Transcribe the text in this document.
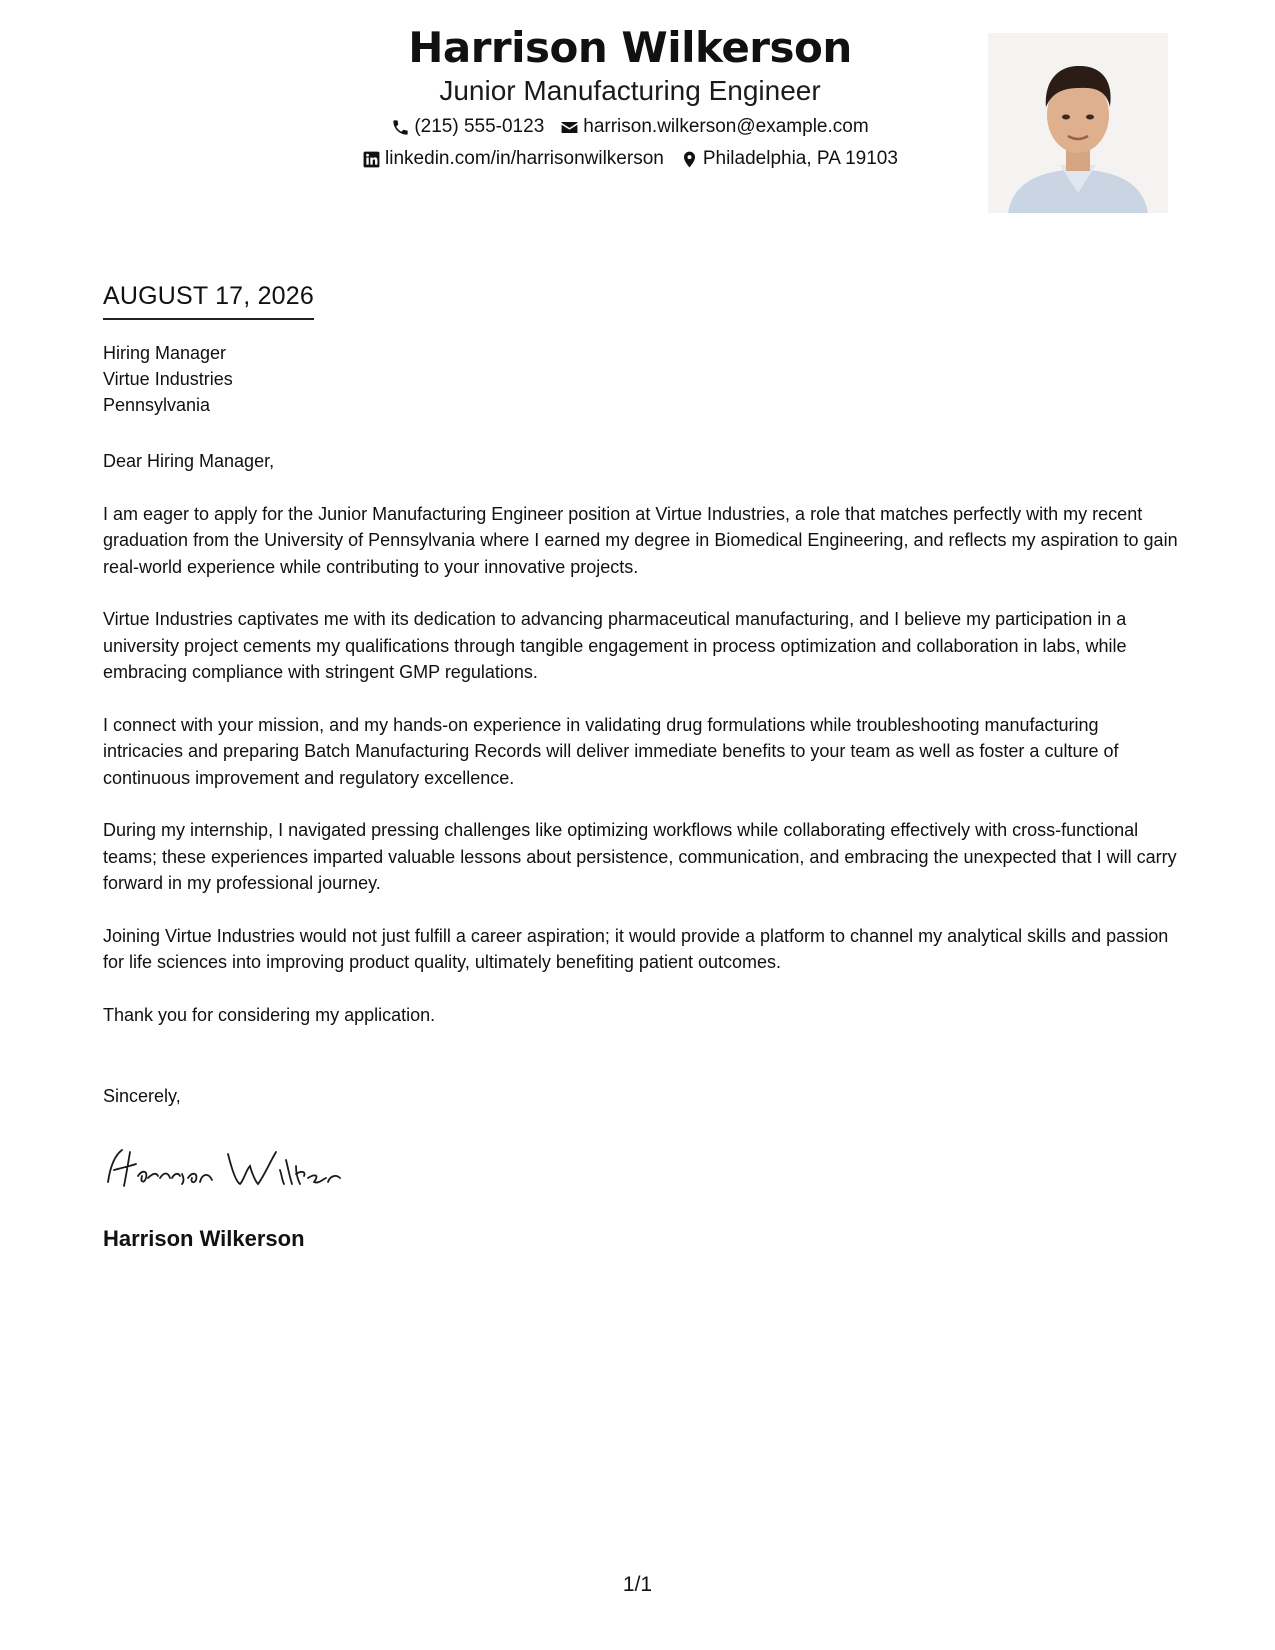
Harrison Wilkerson
Junior Manufacturing Engineer
(215) 555-0123 harrison.wilkerson@example.com
linkedin.com/in/harrisonwilkerson Philadelphia, PA 19103
AUGUST 17, 2026
Hiring Manager
Virtue Industries
Pennsylvania

Dear Hiring Manager,

I am eager to apply for the Junior Manufacturing Engineer position at Virtue Industries, a role that matches perfectly with my recent graduation from the University of Pennsylvania where I earned my degree in Biomedical Engineering, and reflects my aspiration to gain real-world experience while contributing to your innovative projects.

Virtue Industries captivates me with its dedication to advancing pharmaceutical manufacturing, and I believe my participation in a university project cements my qualifications through tangible engagement in process optimization and collaboration in labs, while embracing compliance with stringent GMP regulations.

I connect with your mission, and my hands-on experience in validating drug formulations while troubleshooting manufacturing intricacies and preparing Batch Manufacturing Records will deliver immediate benefits to your team as well as foster a culture of continuous improvement and regulatory excellence.

During my internship, I navigated pressing challenges like optimizing workflows while collaborating effectively with cross-functional teams; these experiences imparted valuable lessons about persistence, communication, and embracing the unexpected that I will carry forward in my professional journey.

Joining Virtue Industries would not just fulfill a career aspiration; it would provide a platform to channel my analytical skills and passion for life sciences into improving product quality, ultimately benefiting patient outcomes.

Thank you for considering my application.

Sincerely,
Harrison Wilkerson
1/1
